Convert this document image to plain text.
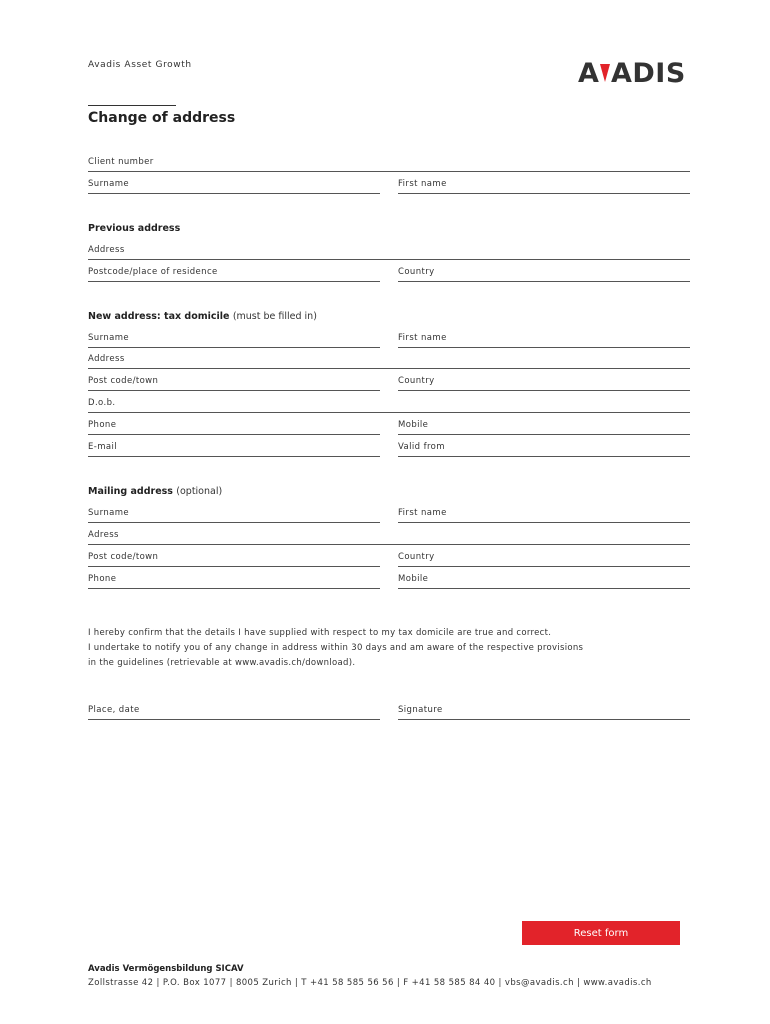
Avadis Asset Growth	A ADIS
Change of address
Client number
Surname	First name
Previous address
Address
Postcode/place of residence	Country
New address: tax domicile (must be filled in)
Surname	First name
Address
Post code/town	Country
D.o.b.
Phone	Mobile
E-mail	Valid from
Mailing address (optional)
Surname	First name
Adress
Post code/town	Country
Phone	Mobile
I hereby confirm that the details I have supplied with respect to my tax domicile are true and correct.
I undertake to notify you of any change in address within 30 days and am aware of the respective provisions
in the guidelines (retrievable at www.avadis.ch/download).
Place, date	Signature
Reset form
Avadis Vermögensbildung SICAV
Zollstrasse 42 | P.O. Box 1077 | 8005 Zurich | T +41 58 585 56 56 | F +41 58 585 84 40 | vbs@avadis.ch | www.avadis.ch
